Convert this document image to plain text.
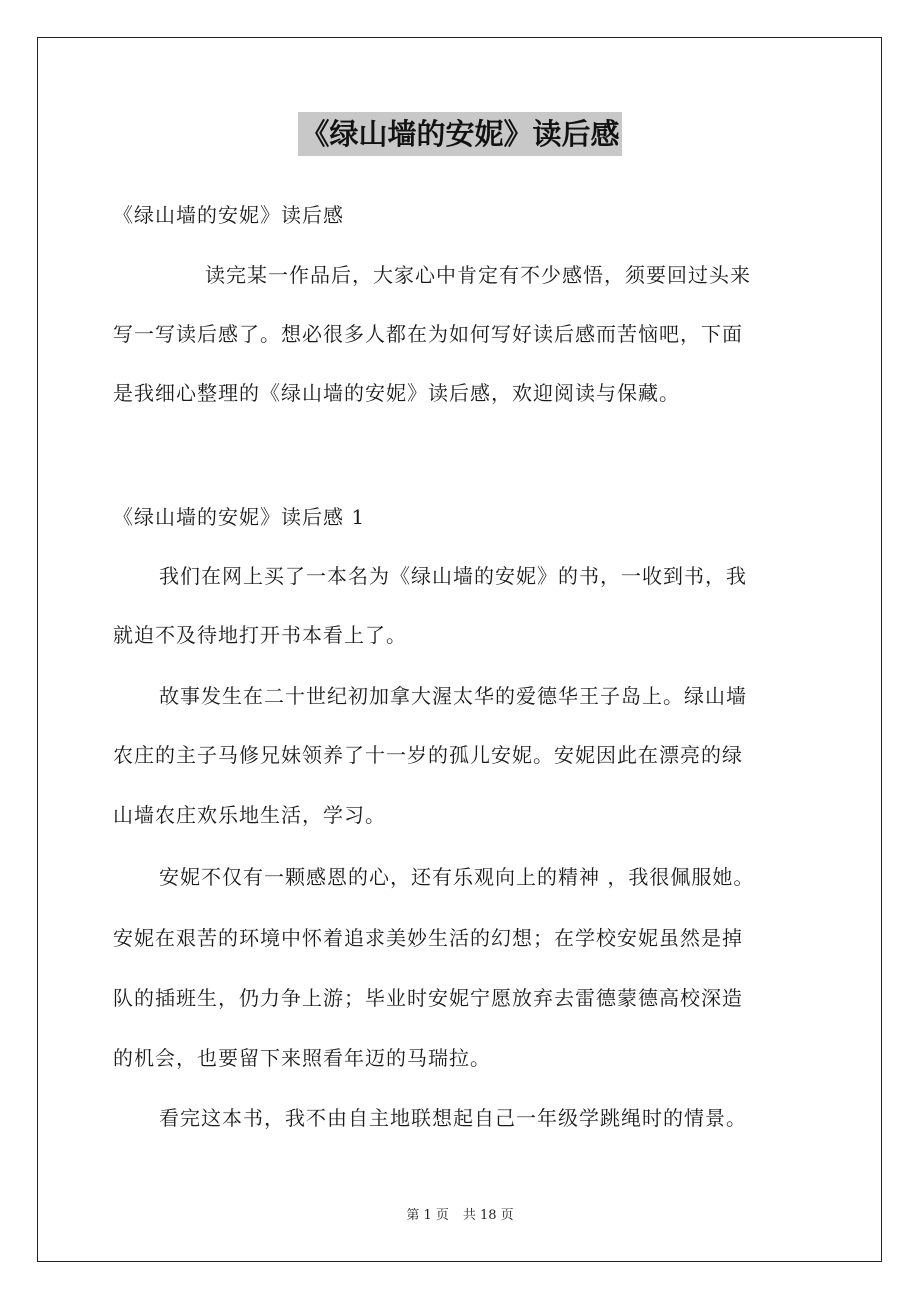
《绿山墙的安妮》读后感
《绿山墙的安妮》读后感
读完某一作品后，大家心中肯定有不少感悟，须要回过头来
写一写读后感了。想必很多人都在为如何写好读后感而苦恼吧，下面
是我细心整理的《绿山墙的安妮》读后感，欢迎阅读与保藏。
《绿山墙的安妮》读后感 1
我们在网上买了一本名为《绿山墙的安妮》的书，一收到书，我
就迫不及待地打开书本看上了。
故事发生在二十世纪初加拿大渥太华的爱德华王子岛上。绿山墙
农庄的主子马修兄妹领养了十一岁的孤儿安妮。安妮因此在漂亮的绿
山墙农庄欢乐地生活，学习。
安妮不仅有一颗感恩的心，还有乐观向上的精神 ，我很佩服她。
安妮在艰苦的环境中怀着追求美妙生活的幻想；在学校安妮虽然是掉
队的插班生，仍力争上游；毕业时安妮宁愿放弃去雷德蒙德高校深造
的机会，也要留下来照看年迈的马瑞拉。
看完这本书，我不由自主地联想起自己一年级学跳绳时的情景。
第 1 页 共 18 页
